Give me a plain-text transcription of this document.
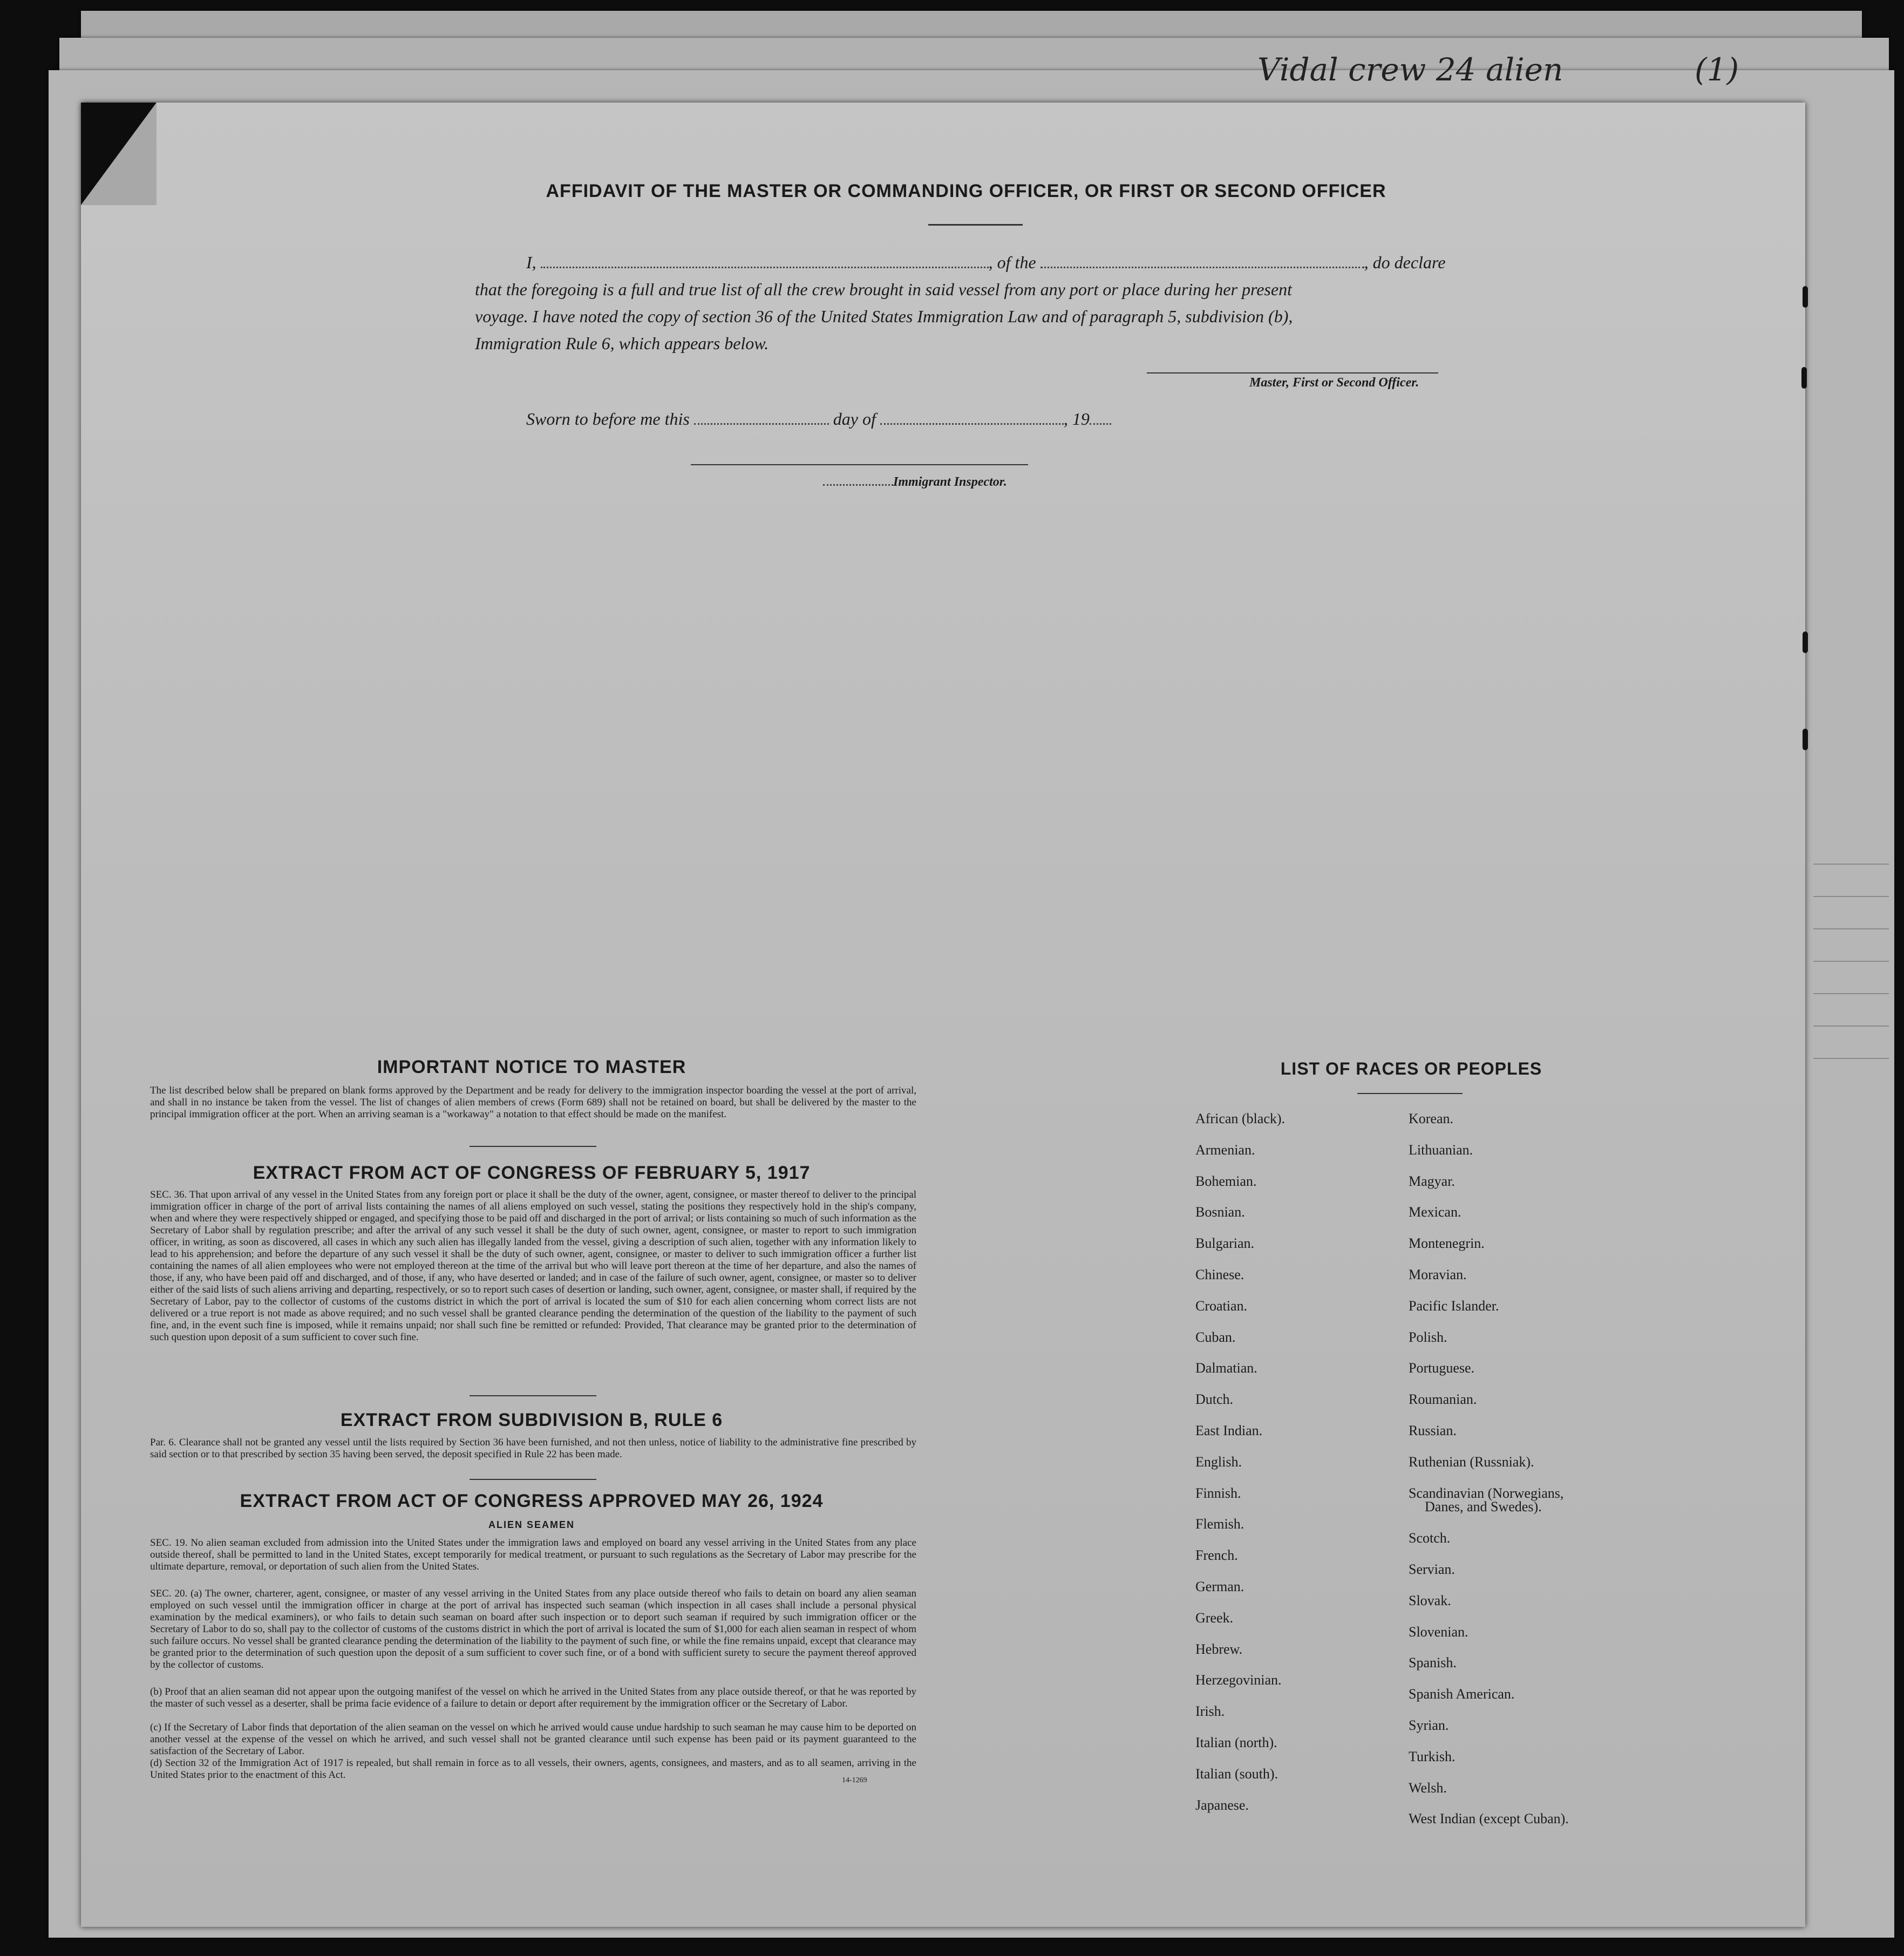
Vidal crew 24 alien	(1)
AFFIDAVIT OF THE MASTER OR COMMANDING OFFICER, OR FIRST OR SECOND OFFICER
I,	, of the	, do declare
that the foregoing is a full and true list of all the crew brought in said vessel from any port or place during her present
voyage. I have noted the copy of section 36 of the United States Immigration Law and of paragraph 5, subdivision (b),
Immigration Rule 6, which appears below.
Master, First or Second Officer.
Sworn to before me this	day of	, 19
Immigrant Inspector.
IMPORTANT NOTICE TO MASTER
The list described below shall be prepared on blank forms approved by the Department and be ready for delivery to the immigration inspector boarding the vessel at the port of arrival, and shall in no instance be taken from the vessel. The list of changes of alien members of crews (Form 689) shall not be retained on board, but shall be delivered by the master to the principal immigration officer at the port. When an arriving seaman is a "workaway" a notation to that effect should be made on the manifest.
EXTRACT FROM ACT OF CONGRESS OF FEBRUARY 5, 1917
SEC. 36. That upon arrival of any vessel in the United States from any foreign port or place it shall be the duty of the owner, agent, consignee, or master thereof to deliver to the principal immigration officer in charge of the port of arrival lists containing the names of all aliens employed on such vessel, stating the positions they respectively hold in the ship's company, when and where they were respectively shipped or engaged, and specifying those to be paid off and discharged in the port of arrival; or lists containing so much of such information as the Secretary of Labor shall by regulation prescribe; and after the arrival of any such vessel it shall be the duty of such owner, agent, consignee, or master to report to such immigration officer, in writing, as soon as discovered, all cases in which any such alien has illegally landed from the vessel, giving a description of such alien, together with any information likely to lead to his apprehension; and before the departure of any such vessel it shall be the duty of such owner, agent, consignee, or master to deliver to such immigration officer a further list containing the names of all alien employees who were not employed thereon at the time of the arrival but who will leave port thereon at the time of her departure, and also the names of those, if any, who have been paid off and discharged, and of those, if any, who have deserted or landed; and in case of the failure of such owner, agent, consignee, or master so to deliver either of the said lists of such aliens arriving and departing, respectively, or so to report such cases of desertion or landing, such owner, agent, consignee, or master shall, if required by the Secretary of Labor, pay to the collector of customs of the customs district in which the port of arrival is located the sum of $10 for each alien concerning whom correct lists are not delivered or a true report is not made as above required; and no such vessel shall be granted clearance pending the determination of the question of the liability to the payment of such fine, and, in the event such fine is imposed, while it remains unpaid; nor shall such fine be remitted or refunded: Provided, That clearance may be granted prior to the determination of such question upon deposit of a sum sufficient to cover such fine.
EXTRACT FROM SUBDIVISION B, RULE 6
Par. 6. Clearance shall not be granted any vessel until the lists required by Section 36 have been furnished, and not then unless, notice of liability to the administrative fine prescribed by said section or to that prescribed by section 35 having been served, the deposit specified in Rule 22 has been made.
EXTRACT FROM ACT OF CONGRESS APPROVED MAY 26, 1924
ALIEN SEAMEN
SEC. 19. No alien seaman excluded from admission into the United States under the immigration laws and employed on board any vessel arriving in the United States from any place outside thereof, shall be permitted to land in the United States, except temporarily for medical treatment, or pursuant to such regulations as the Secretary of Labor may prescribe for the ultimate departure, removal, or deportation of such alien from the United States.
SEC. 20. (a) The owner, charterer, agent, consignee, or master of any vessel arriving in the United States from any place outside thereof who fails to detain on board any alien seaman employed on such vessel until the immigration officer in charge at the port of arrival has inspected such seaman (which inspection in all cases shall include a personal physical examination by the medical examiners), or who fails to detain such seaman on board after such inspection or to deport such seaman if required by such immigration officer or the Secretary of Labor to do so, shall pay to the collector of customs of the customs district in which the port of arrival is located the sum of $1,000 for each alien seaman in respect of whom such failure occurs. No vessel shall be granted clearance pending the determination of the liability to the payment of such fine, or while the fine remains unpaid, except that clearance may be granted prior to the determination of such question upon the deposit of a sum sufficient to cover such fine, or of a bond with sufficient surety to secure the payment thereof approved by the collector of customs.
(b) Proof that an alien seaman did not appear upon the outgoing manifest of the vessel on which he arrived in the United States from any place outside thereof, or that he was reported by the master of such vessel as a deserter, shall be prima facie evidence of a failure to detain or deport after requirement by the immigration officer or the Secretary of Labor.
(c) If the Secretary of Labor finds that deportation of the alien seaman on the vessel on which he arrived would cause undue hardship to such seaman he may cause him to be deported on another vessel at the expense of the vessel on which he arrived, and such vessel shall not be granted clearance until such expense has been paid or its payment guaranteed to the satisfaction of the Secretary of Labor.
(d) Section 32 of the Immigration Act of 1917 is repealed, but shall remain in force as to all vessels, their owners, agents, consignees, and masters, and as to all seamen, arriving in the United States prior to the enactment of this Act.	14-1269
LIST OF RACES OR PEOPLES
African (black).
Armenian.
Bohemian.
Bosnian.
Bulgarian.
Chinese.
Croatian.
Cuban.
Dalmatian.
Dutch.
East Indian.
English.
Finnish.
Flemish.
French.
German.
Greek.
Hebrew.
Herzegovinian.
Irish.
Italian (north).
Italian (south).
Japanese.
Korean.
Lithuanian.
Magyar.
Mexican.
Montenegrin.
Moravian.
Pacific Islander.
Polish.
Portuguese.
Roumanian.
Russian.
Ruthenian (Russniak).
Scandinavian (Norwegians,
Danes, and Swedes).
Scotch.
Servian.
Slovak.
Slovenian.
Spanish.
Spanish American.
Syrian.
Turkish.
Welsh.
West Indian (except Cuban).
